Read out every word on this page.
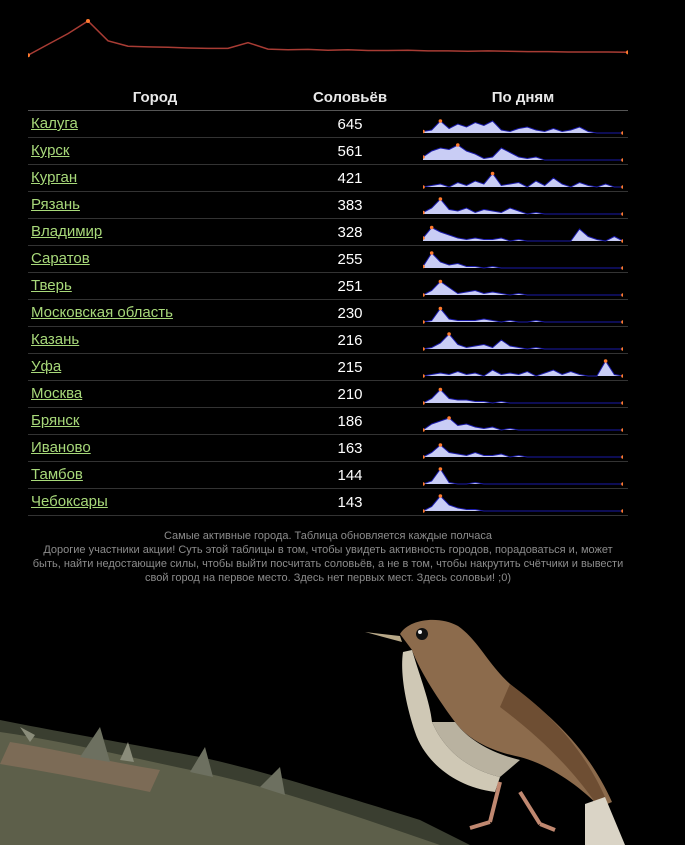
Город	Соловьёв	По дням
Калуга	645	

Курск	561	

Курган	421	

Рязань	383	

Владимир	328	

Саратов	255	

Тверь	251	

Московская область	230	

Казань	216	

Уфа	215	

Москва	210	

Брянск	186	

Иваново	163	

Тамбов	144	

Чебоксары	143	

Самые активные города. Таблица обновляется каждые полчаса

Дорогие участники акции! Суть этой таблицы в том, чтобы увидеть активность городов, порадоваться и, может быть, найти недостающие силы, чтобы выйти посчитать соловьёв, а не в том, чтобы накрутить счётчики и вывести свой город на первое место. Здесь нет первых мест. Здесь соловьи! ;0)
